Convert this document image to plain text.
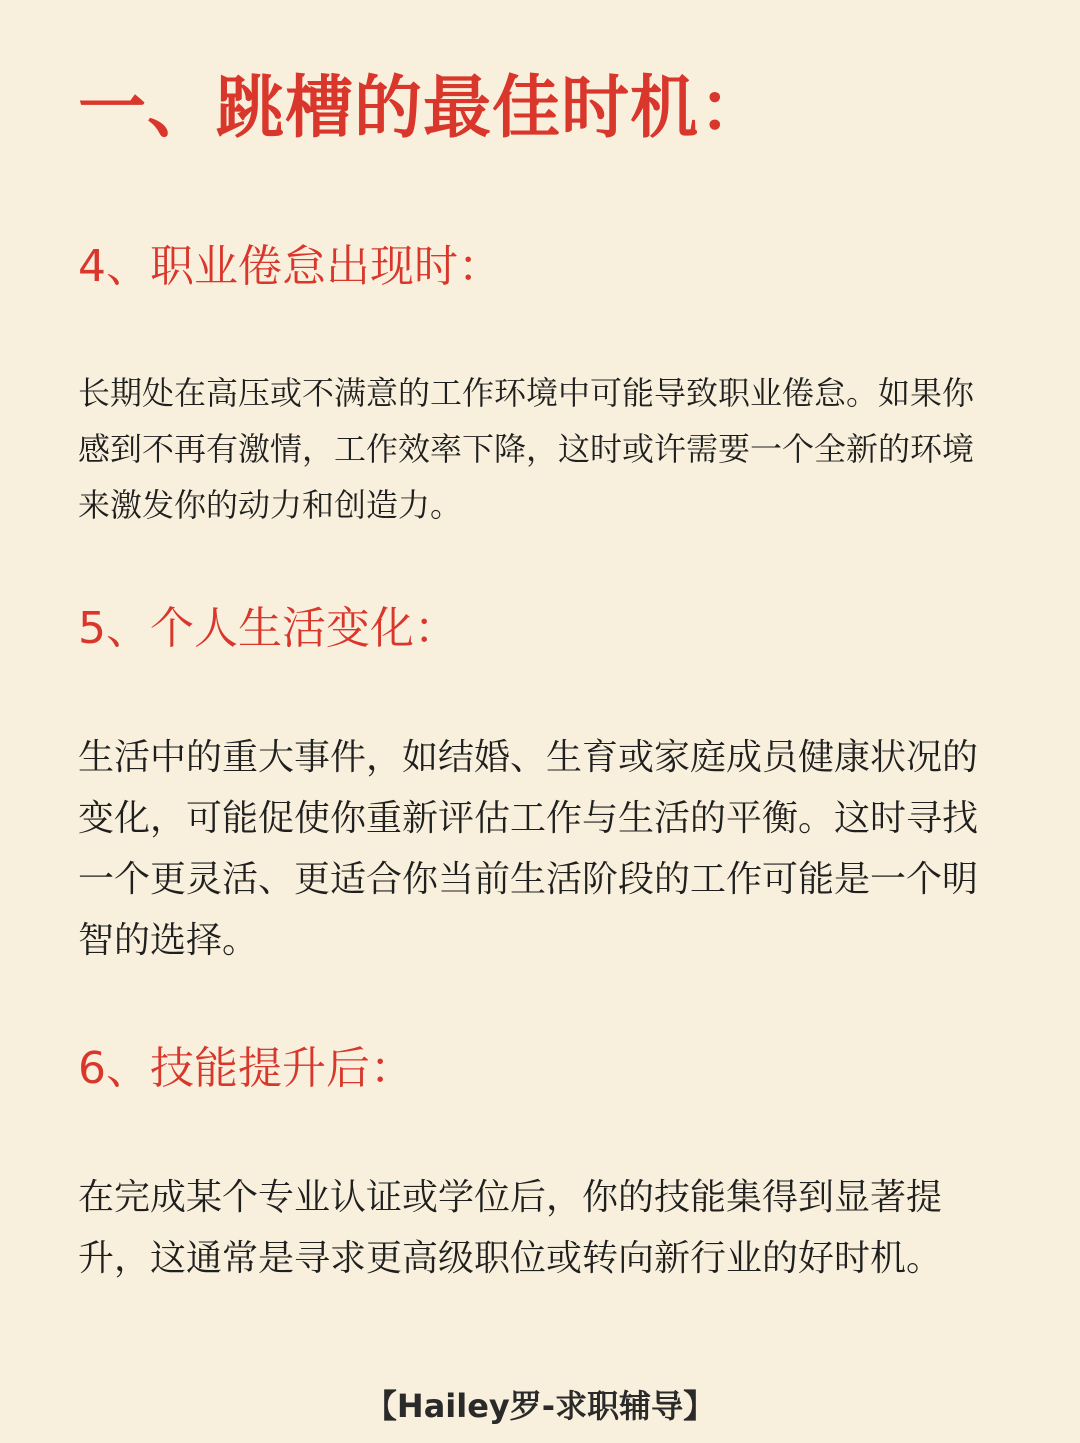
一、跳槽的最佳时机：
4、职业倦怠出现时：

长期处在高压或不满意的工作环境中可能导致职业倦怠。如果你感到不再有激情，工作效率下降，这时或许需要一个全新的环境来激发你的动力和创造力。

5、个人生活变化：

生活中的重大事件，如结婚、生育或家庭成员健康状况的变化，可能促使你重新评估工作与生活的平衡。这时寻找一个更灵活、更适合你当前生活阶段的工作可能是一个明智的选择。

6、技能提升后：

在完成某个专业认证或学位后，你的技能集得到显著提升，这通常是寻求更高级职位或转向新行业的好时机。

【Hailey罗-求职辅导】
